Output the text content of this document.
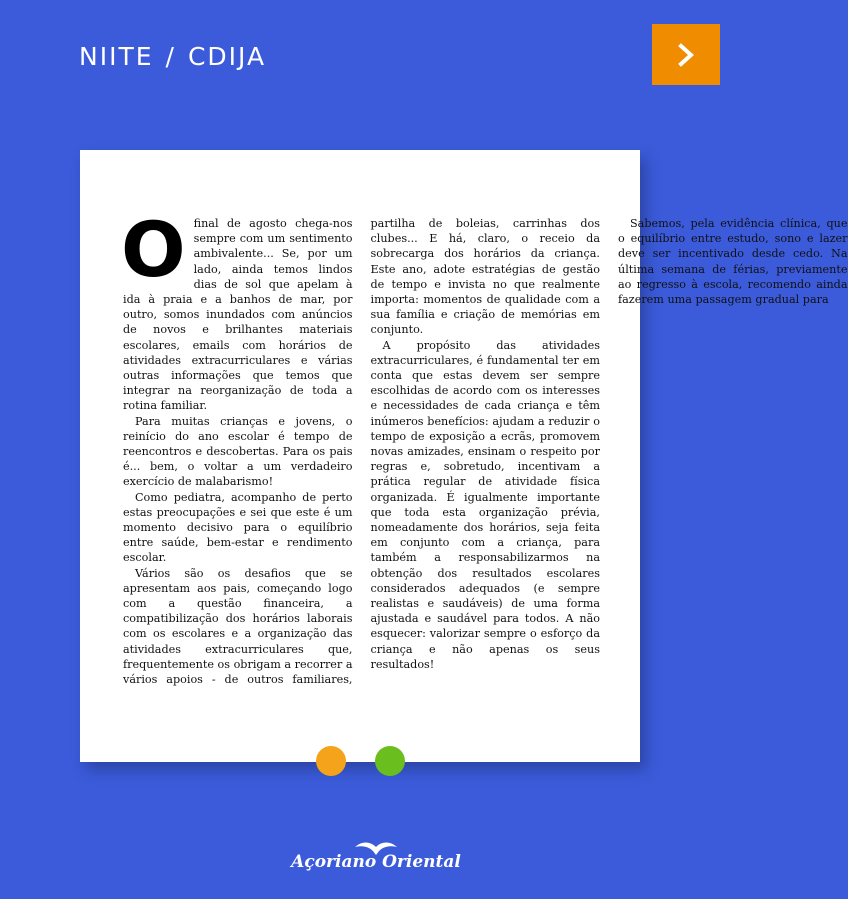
NIITE / CDIJA

Ofinal de agosto chega-nos sempre com um sentimento ambivalente... Se, por um lado, ainda temos lindos dias de sol que apelam à ida à praia e a banhos de mar, por outro, somos inundados com anúncios de novos e brilhantes materiais escolares, emails com horários de atividades extracurriculares e várias outras informações que temos que integrar na reorganização de toda a rotina familiar.

Para muitas crianças e jovens, o reinício do ano escolar é tempo de reencontros e descobertas. Para os pais é... bem, o voltar a um verdadeiro exercício de malabarismo!

Como pediatra, acompanho de perto estas preocupações e sei que este é um momento decisivo para o equilíbrio entre saúde, bem-estar e rendimento escolar.

Vários são os desafios que se apresentam aos pais, começando logo com a questão financeira, a compatibilização dos horários laborais com os escolares e a organização das atividades extracurriculares que, frequentemente os obrigam a recorrer a vários apoios - de outros familiares, partilha de boleias, carrinhas dos clubes... E há, claro, o receio da sobrecarga dos horários da criança. Este ano, adote estratégias de gestão de tempo e invista no que realmente importa: momentos de qualidade com a sua família e criação de memórias em conjunto.

A propósito das atividades extracurriculares, é fundamental ter em conta que estas devem ser sempre escolhidas de acordo com os interesses e necessidades de cada criança e têm inúmeros benefícios: ajudam a reduzir o tempo de exposição a ecrãs, promovem novas amizades, ensinam o respeito por regras e, sobretudo, incentivam a prática regular de atividade física organizada. É igualmente importante que toda esta organização prévia, nomeadamente dos horários, seja feita em conjunto com a criança, para também a responsabilizarmos na obtenção dos resultados escolares considerados adequados (e sempre realistas e saudáveis) de uma forma ajustada e saudável para todos. A não esquecer: valorizar sempre o esforço da criança e não apenas os seus resultados!

Sabemos, pela evidência clínica, que o equilíbrio entre estudo, sono e lazer deve ser incentivado desde cedo. Na última semana de férias, previamente ao regresso à escola, recomendo ainda fazerem uma passagem gradual para

Açoriano Oriental
